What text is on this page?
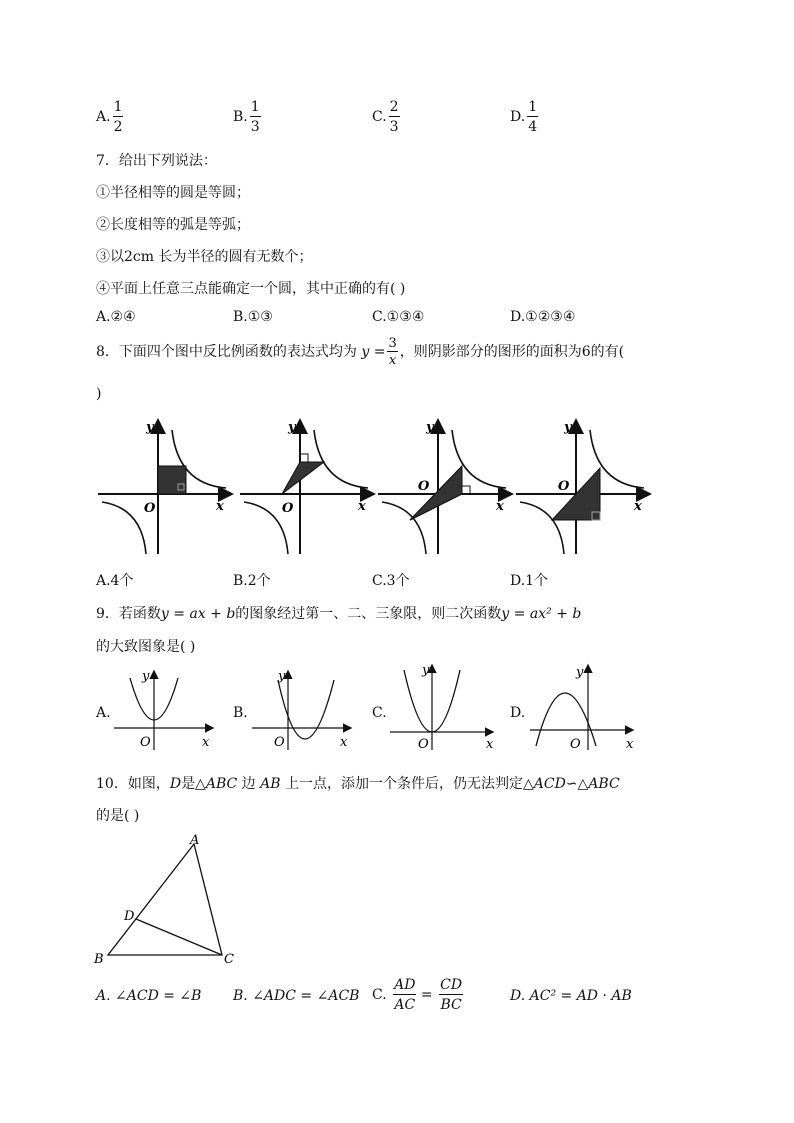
A. $\frac{1}{2}$	B. $\frac{1}{3}$	C. $\frac{2}{3}$	D. $\frac{1}{4}$
7．给出下列说法：
①半径相等的圆是等圆；
②长度相等的弧是等弧；
③以2cm 长为半径的圆有无数个；
④平面上任意三点能确定一个圆，其中正确的有( )
A.②④	B.①③	C.①③④	D.①②③④
8．下面四个图中反比例函数的表达式均为 $y = \frac{3}{x}$ ，则阴影部分的图形的面积为6的有(
)
y
x
O
y
x
O
y
x
O
y
x
O
A.4个	B.2个	C.3个	D.1个
9．若函数y = ax + b的图象经过第一、二、三象限，则二次函数y = ax² + b
的大致图象是( )
A.
y
x
O
B.
y
x
O
C.
y
x
O
D.
y
x
O
10．如图，D是△ABC 边 AB 上一点，添加一个条件后，仍无法判定△ACD∽△ABC
的是( )
A
B	C
D
A. ∠ACD = ∠B B. ∠ADC = ∠ACB C. $\frac{AD}{AC} = \frac{CD}{BC}$	D. AC² = AD · AB
